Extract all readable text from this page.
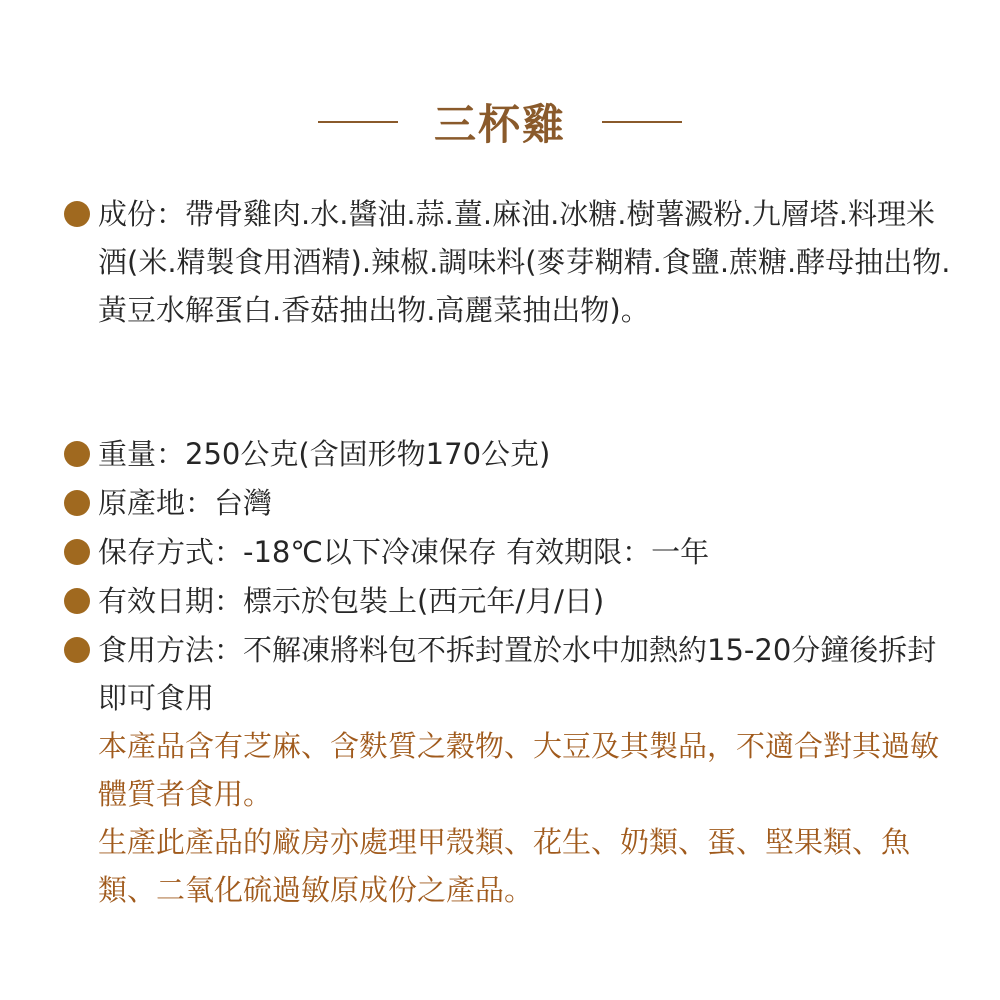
三杯雞
成份：帶骨雞肉.水.醬油.蒜.薑.麻油.冰糖.樹薯澱粉.九層塔.料理米酒(米.精製食用酒精).辣椒.調味料(麥芽糊精.食鹽.蔗糖.酵母抽出物.黃豆水解蛋白.香菇抽出物.高麗菜抽出物)。
重量：250公克(含固形物170公克)
原產地：台灣
保存方式：-18℃以下冷凍保存 有效期限：一年
有效日期：標示於包裝上(西元年/月/日)
食用方法：不解凍將料包不拆封置於水中加熱約15-20分鐘後拆封即可食用
本產品含有芝麻、含麩質之穀物、大豆及其製品，不適合對其過敏體質者食用。
生產此產品的廠房亦處理甲殼類、花生、奶類、蛋、堅果類、魚類、二氧化硫過敏原成份之產品。
